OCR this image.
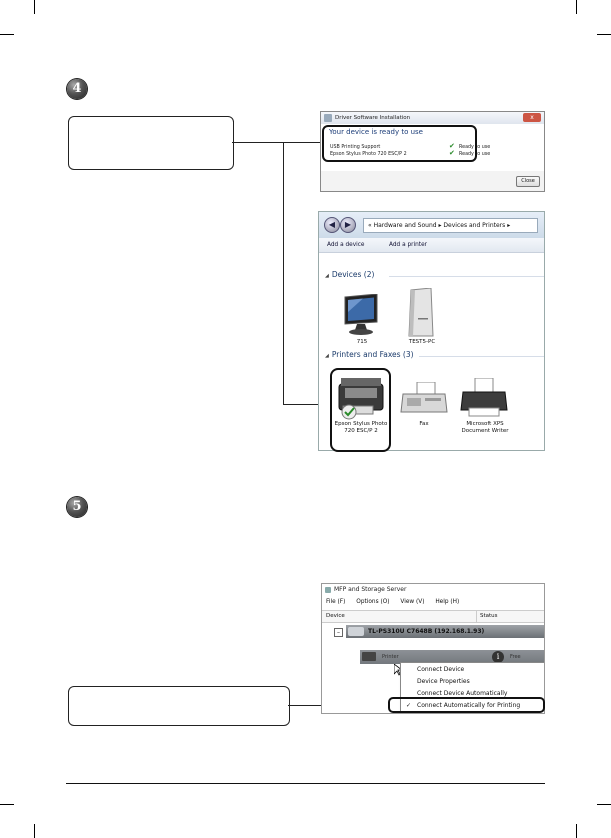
4
Driver Software Installation	x
Your device is ready to use
USB Printing Support	✔ Ready to use
Epson Stylus Photo 720 ESC/P 2	✔ Ready to use
Close
◀	▶	« Hardware and Sound ▸ Devices and Printers ▸
Add a device	Add a printer
◢ Devices (2)
715	TEST5-PC
◢ Printers and Faxes (3)
Epson Stylus Photo 720 ESC/P 2
Fax	Microsoft XPS Document Writer
5
MFP and Storage Server
File (F) Options (O) View (V) Help (H)
Device	Status
–	TL-PS310U C7648B (192.168.1.93)
Printer	i	Free
Connect Device
Device Properties
Connect Device Automatically
✓ Connect Automatically for Printing
